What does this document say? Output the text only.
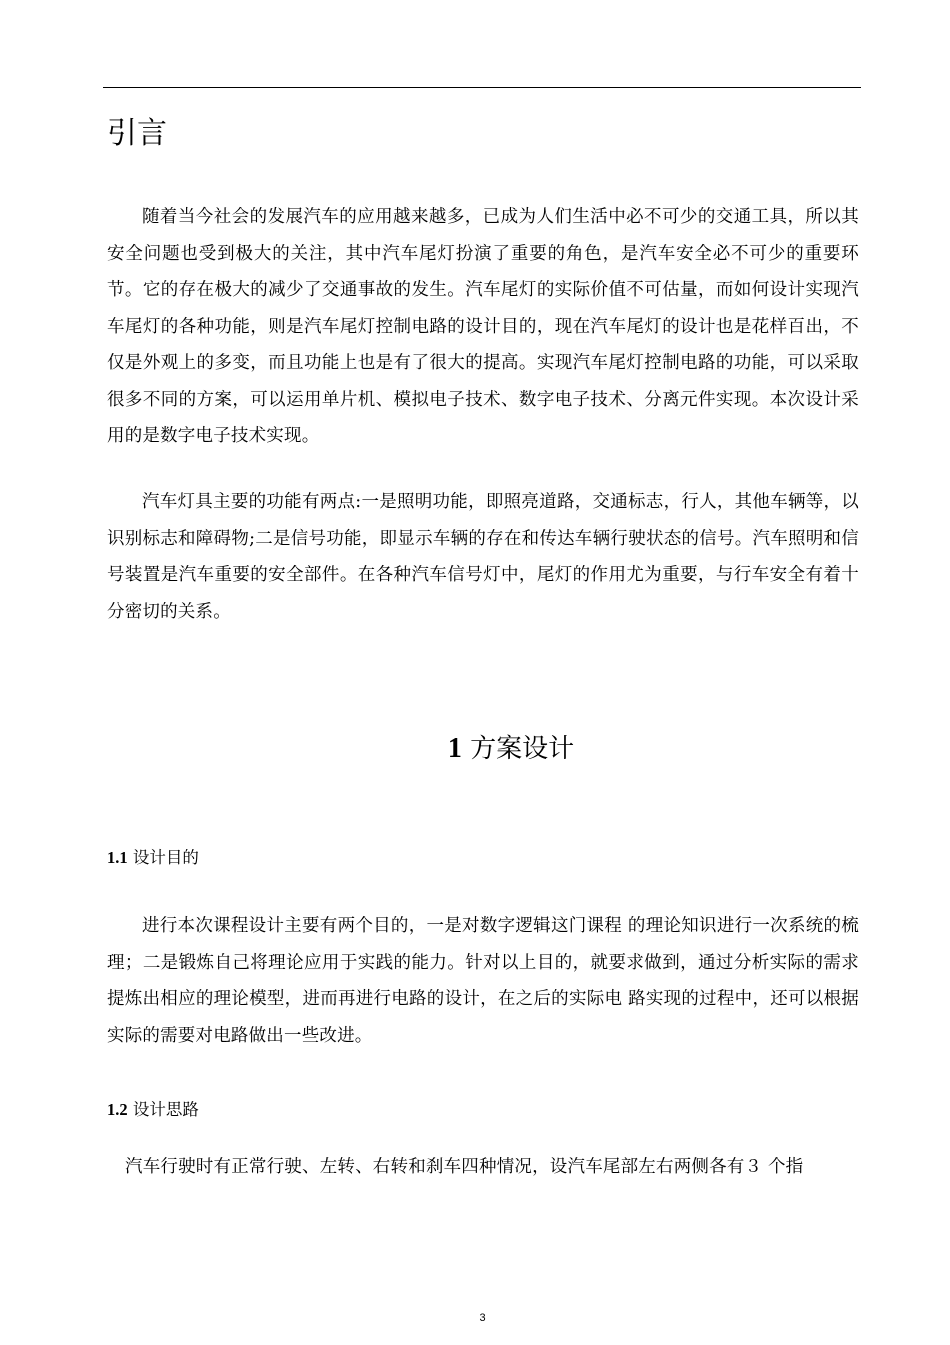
引言

随着当今社会的发展汽车的应用越来越多，已成为人们生活中必不可少的交通工具，所以其安全问题也受到极大的关注，其中汽车尾灯扮演了重要的角色，是汽车安全必不可少的重要环节。它的存在极大的减少了交通事故的发生。汽车尾灯的实际价值不可估量，而如何设计实现汽车尾灯的各种功能，则是汽车尾灯控制电路的设计目的，现在汽车尾灯的设计也是花样百出，不仅是外观上的多变，而且功能上也是有了很大的提高。实现汽车尾灯控制电路的功能，可以采取很多不同的方案，可以运用单片机、模拟电子技术、数字电子技术、分离元件实现。本次设计采用的是数字电子技术实现。

汽车灯具主要的功能有两点:一是照明功能，即照亮道路，交通标志，行人，其他车辆等，以识别标志和障碍物;二是信号功能，即显示车辆的存在和传达车辆行驶状态的信号。汽车照明和信号装置是汽车重要的安全部件。在各种汽车信号灯中，尾灯的作用尤为重要，与行车安全有着十分密切的关系。

1 方案设计
1.1 设计目的

进行本次课程设计主要有两个目的，一是对数字逻辑这门课程 的理论知识进行一次系统的梳理；二是锻炼自己将理论应用于实践的能力。针对以上目的，就要求做到，通过分析实际的需求提炼出相应的理论模型，进而再进行电路的设计，在之后的实际电 路实现的过程中，还可以根据实际的需要对电路做出一些改进。

1.2 设计思路

汽车行驶时有正常行驶、左转、右转和刹车四种情况，设汽车尾部左右两侧各有３ 个指

3
